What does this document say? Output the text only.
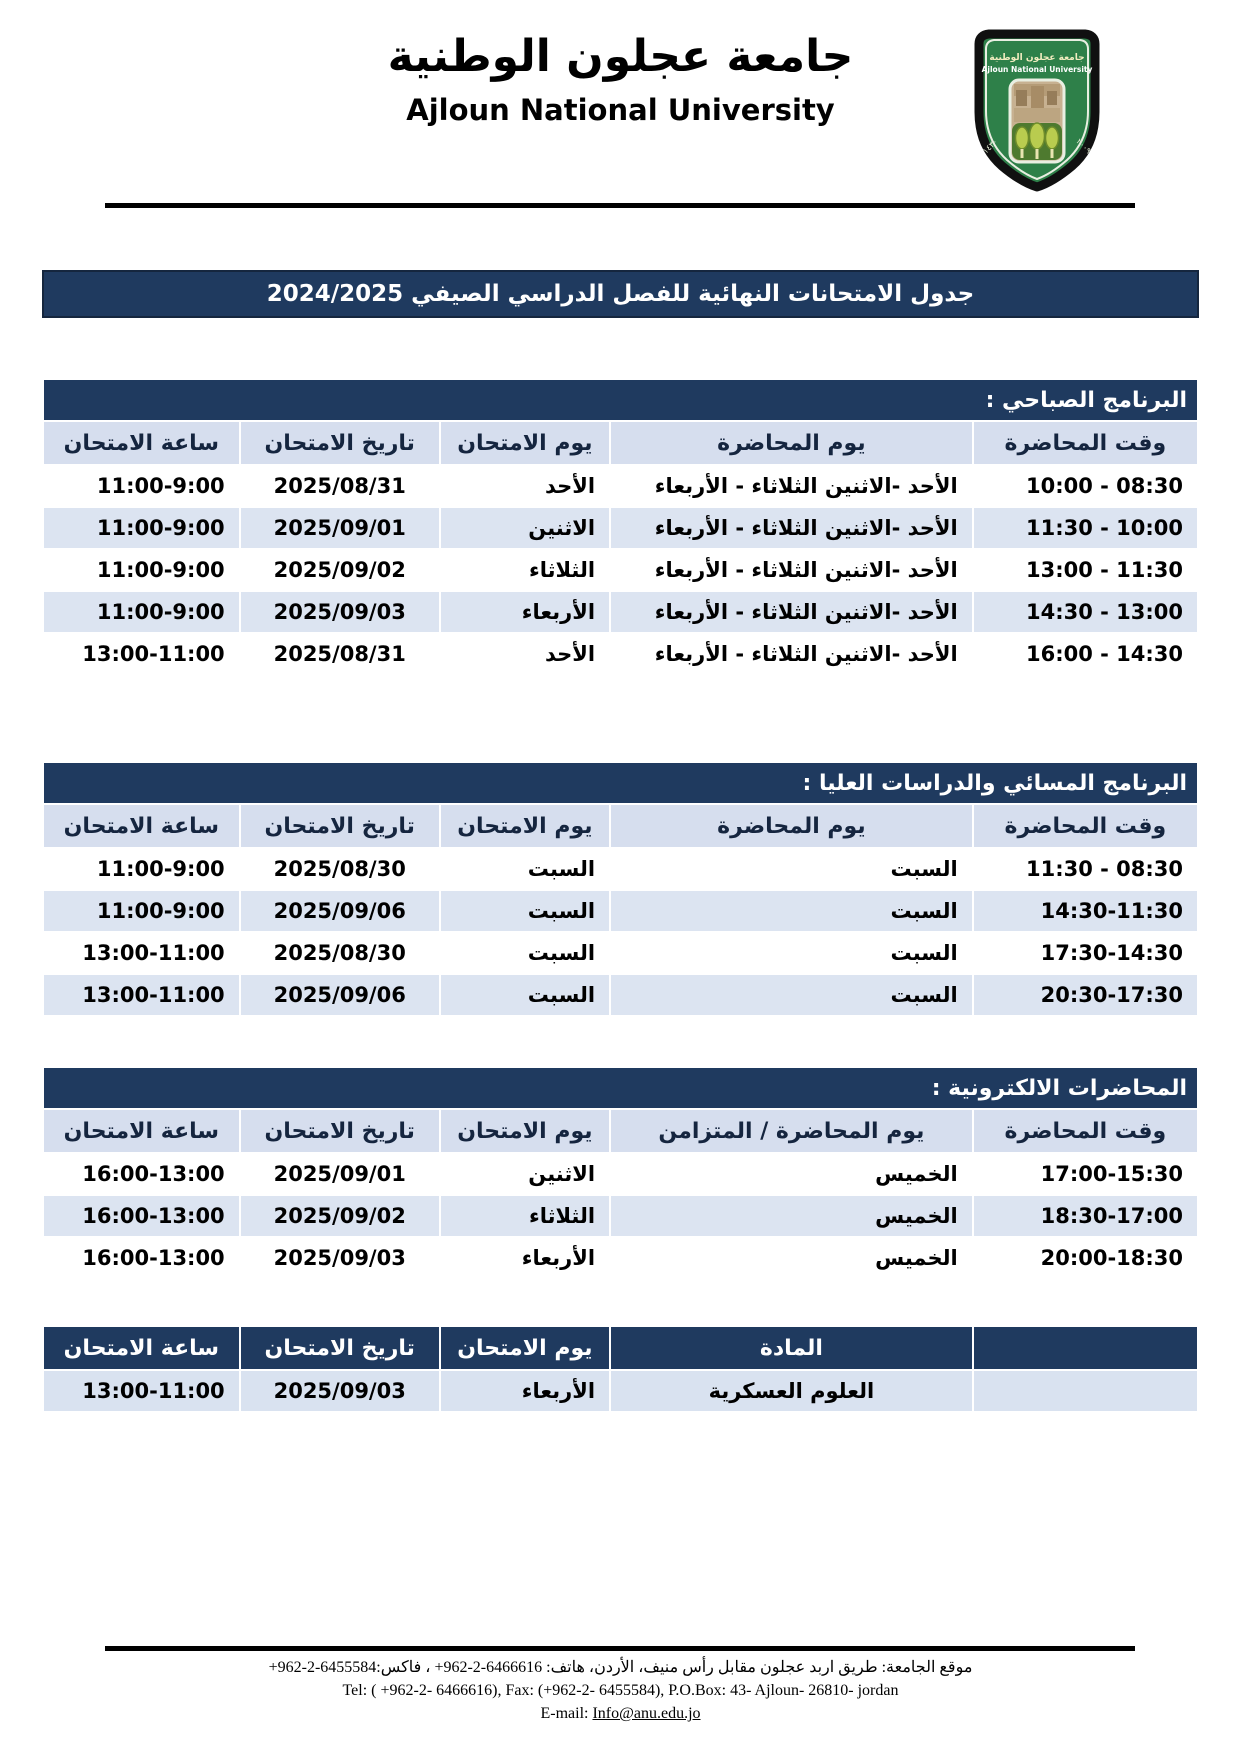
جامعة عجلون الوطنية
Ajloun National University
جامعة عجلون الوطنية
Ajloun National University
١٤٣٠	٢٠٠٩
جدول الامتحانات النهائية للفصل الدراسي الصيفي 2024/2025
البرنامج الصباحي :				
وقت المحاضرة	يوم المحاضرة	يوم الامتحان	تاريخ الامتحان	ساعة الامتحان
10:00 - 08:30	الأحد -الاثنين الثلاثاء - الأربعاء	الأحد	2025/08/31	11:00-9:00
11:30 - 10:00	الأحد -الاثنين الثلاثاء - الأربعاء	الاثنين	2025/09/01	11:00-9:00
13:00 - 11:30	الأحد -الاثنين الثلاثاء - الأربعاء	الثلاثاء	2025/09/02	11:00-9:00
14:30 - 13:00	الأحد -الاثنين الثلاثاء - الأربعاء	الأربعاء	2025/09/03	11:00-9:00
16:00 - 14:30	الأحد -الاثنين الثلاثاء - الأربعاء	الأحد	2025/08/31	13:00-11:00
البرنامج المسائي والدراسات العليا :				
وقت المحاضرة	يوم المحاضرة	يوم الامتحان	تاريخ الامتحان	ساعة الامتحان
11:30 - 08:30	السبت	السبت	2025/08/30	11:00-9:00
14:30-11:30	السبت	السبت	2025/09/06	11:00-9:00
17:30-14:30	السبت	السبت	2025/08/30	13:00-11:00
20:30-17:30	السبت	السبت	2025/09/06	13:00-11:00
المحاضرات الالكترونية :				
وقت المحاضرة	يوم المحاضرة / المتزامن	يوم الامتحان	تاريخ الامتحان	ساعة الامتحان
17:00-15:30	الخميس	الاثنين	2025/09/01	16:00-13:00
18:30-17:00	الخميس	الثلاثاء	2025/09/02	16:00-13:00
20:00-18:30	الخميس	الأربعاء	2025/09/03	16:00-13:00
	المادة	يوم الامتحان	تاريخ الامتحان	ساعة الامتحان
	العلوم العسكرية	الأربعاء	2025/09/03	13:00-11:00
موقع الجامعة: طريق اربد عجلون مقابل رأس منيف، الأردن، هاتف: +962-2-6466616 ، فاكس:+962-2-6455584
Tel: ( +962-2- 6466616), Fax: (+962-2- 6455584), P.O.Box: 43- Ajloun- 26810- jordan
E-mail: Info@anu.edu.jo
